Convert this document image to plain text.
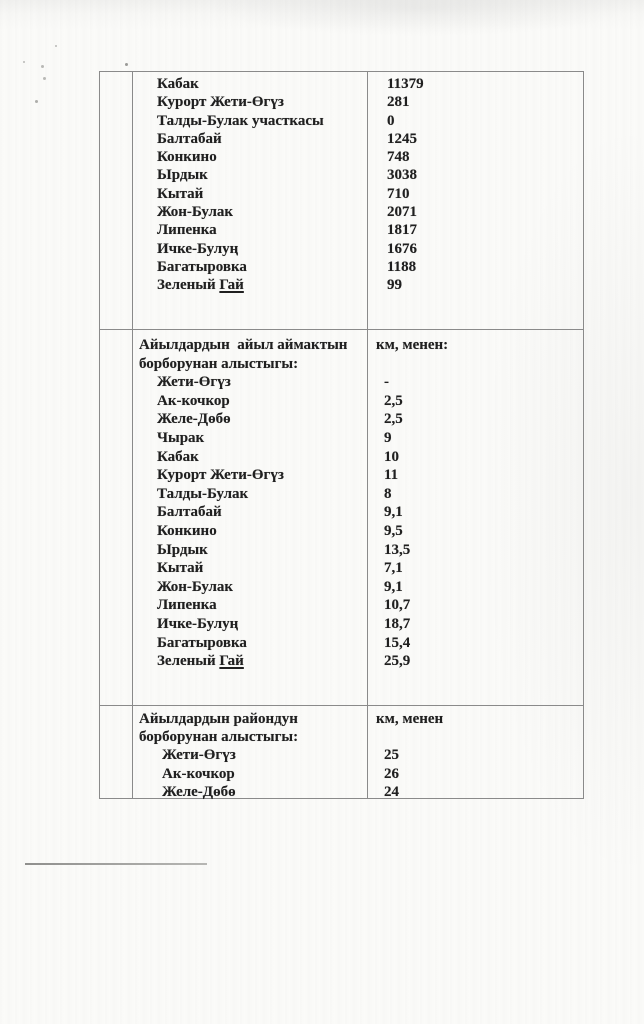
Кабак
Курорт Жети-Өгүз
Талды-Булак участкасы
Балтабай
Конкино
Ырдык
Кытай
Жон-Булак
Липенка
Ичке-Булуң
Багатыровка
Зеленый Гай
11379
281
0
1245
748
3038
710
2071
1817
1676
1188
99
Айылдардын  айыл аймактын
борборунан алыстыгы:
Жети-Өгүз
Ак-кочкор
Желе-Дөбө
Чырак
Кабак
Курорт Жети-Өгүз
Талды-Булак
Балтабай
Конкино
Ырдык
Кытай
Жон-Булак
Липенка
Ичке-Булуң
Багатыровка
Зеленый Гай
км, менен:

-
2,5
2,5
9
10
11
8
9,1
9,5
13,5
7,1
9,1
10,7
18,7
15,4
25,9
Айылдардын райондун
борборунан алыстыгы:
Жети-Өгүз
Ак-кочкор
Желе-Дөбө
км, менен

25
26
24
